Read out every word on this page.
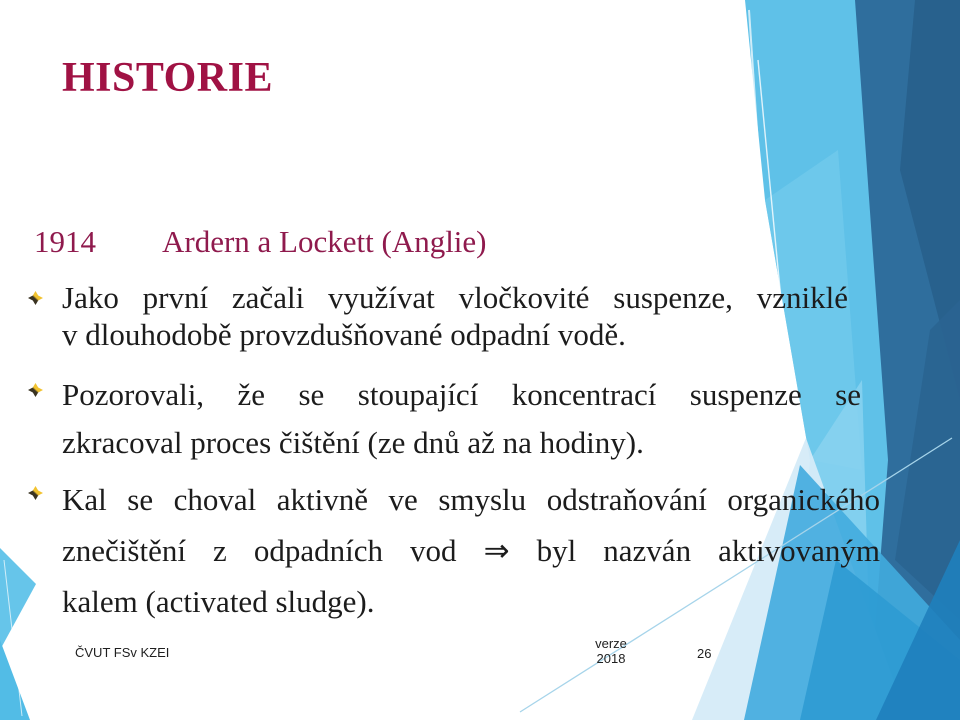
HISTORIE
1914 Ardern a Lockett (Anglie)
Jako první začali využívat vločkovité suspenze, vzniklé
v dlouhodobě provzdušňované odpadní vodě.
Pozorovali, že se stoupající koncentrací suspenze se
zkracoval proces čištění (ze dnů až na hodiny).
Kal se choval aktivně ve smyslu odstraňování organického
znečištění z odpadních vod ⇒ byl nazván aktivovaným
kalem (activated sludge).
ČVUT FSv KZEI
verze
2018	26
